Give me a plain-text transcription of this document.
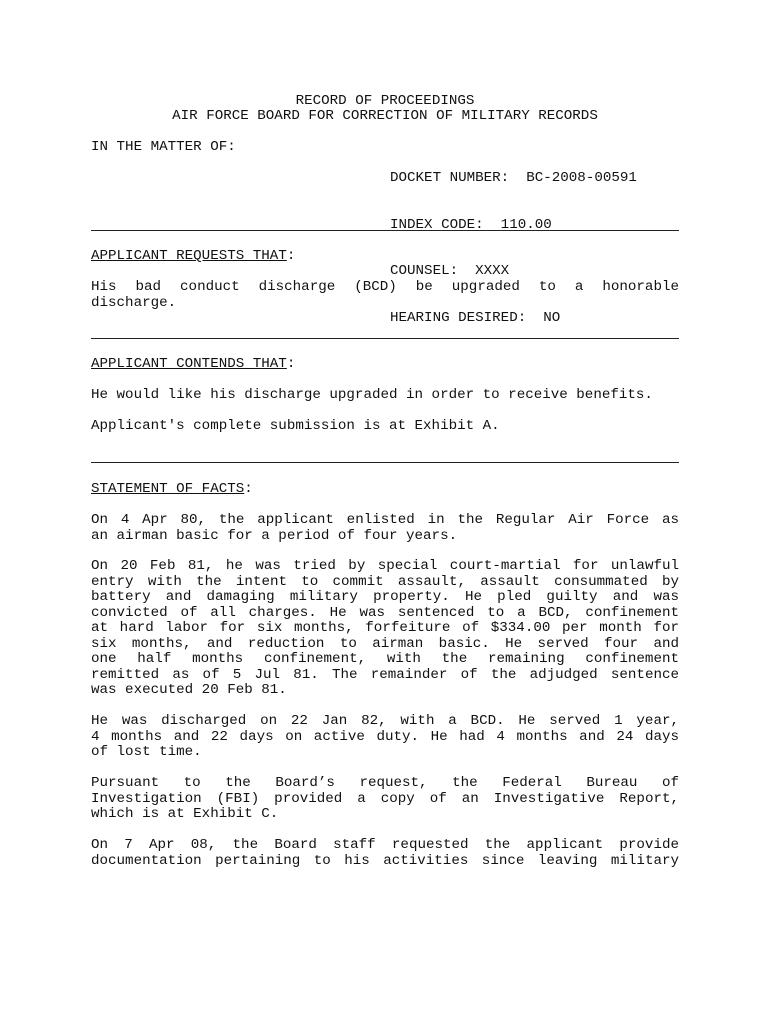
RECORD OF PROCEEDINGS
AIR FORCE BOARD FOR CORRECTION OF MILITARY RECORDS
IN THE MATTER OF:

DOCKET NUMBER:  BC-2008-00591

INDEX CODE:  110.00

COUNSEL:  XXXX

HEARING DESIRED:  NO

APPLICANT REQUESTS THAT:
His bad conduct discharge (BCD) be upgraded to a honorable
discharge.
APPLICANT CONTENDS THAT:
He would like his discharge upgraded in order to receive benefits.
Applicant's complete submission is at Exhibit A.
STATEMENT OF FACTS:
On 4 Apr 80, the applicant enlisted in the Regular Air Force as
an airman basic for a period of four years.
On 20 Feb 81, he was tried by special court-martial for unlawful
entry with the intent to commit assault, assault consummated by
battery and damaging military property. He pled guilty and was
convicted of all charges. He was sentenced to a BCD, confinement
at hard labor for six months, forfeiture of $334.00 per month for
six months, and reduction to airman basic. He served four and
one half months confinement, with the remaining confinement
remitted as of 5 Jul 81. The remainder of the adjudged sentence
was executed 20 Feb 81.
He was discharged on 22 Jan 82, with a BCD. He served 1 year,
4 months and 22 days on active duty. He had 4 months and 24 days
of lost time.
Pursuant to the Board’s request, the Federal Bureau of
Investigation (FBI) provided a copy of an Investigative Report,
which is at Exhibit C.
On 7 Apr 08, the Board staff requested the applicant provide
documentation pertaining to his activities since leaving military
